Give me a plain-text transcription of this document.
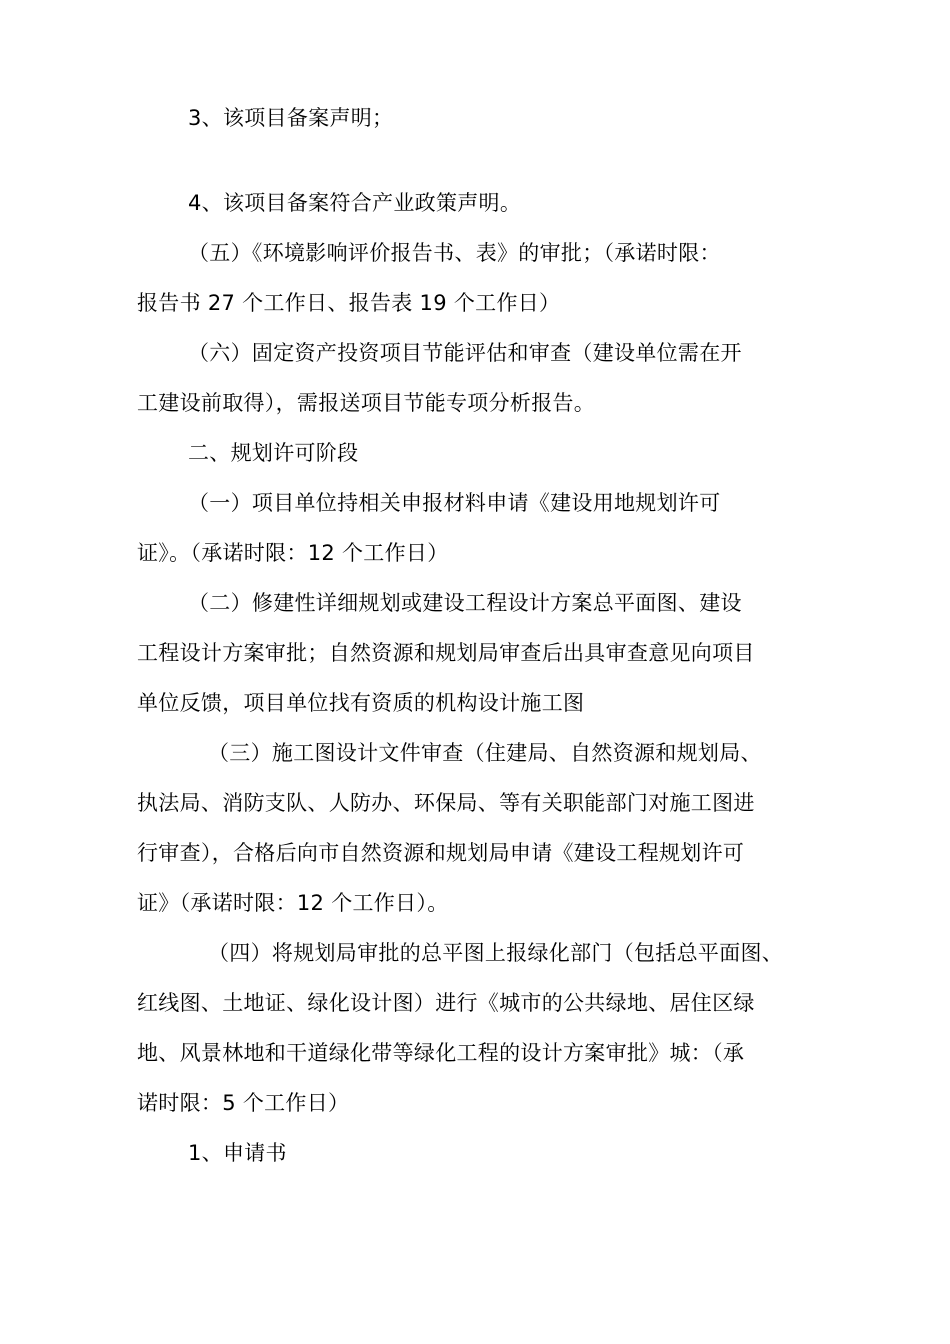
3、该项目备案声明；
4、该项目备案符合产业政策声明。
（五）《环境影响评价报告书、表》的审批；（承诺时限：
报告书 27 个工作日、报告表 19 个工作日）
（六）固定资产投资项目节能评估和审查（建设单位需在开
工建设前取得），需报送项目节能专项分析报告。
二、规划许可阶段
（一）项目单位持相关申报材料申请《建设用地规划许可
证》。（承诺时限：12 个工作日）
（二）修建性详细规划或建设工程设计方案总平面图、建设
工程设计方案审批；自然资源和规划局审查后出具审查意见向项目
单位反馈，项目单位找有资质的机构设计施工图
（三）施工图设计文件审查（住建局、自然资源和规划局、
执法局、消防支队、人防办、环保局、等有关职能部门对施工图进
行审查），合格后向市自然资源和规划局申请《建设工程规划许可
证》（承诺时限：12 个工作日）。
（四）将规划局审批的总平图上报绿化部门（包括总平面图、
红线图、土地证、绿化设计图）进行《城市的公共绿地、居住区绿
地、风景林地和干道绿化带等绿化工程的设计方案审批》城：（承
诺时限：5 个工作日）
1、申请书
